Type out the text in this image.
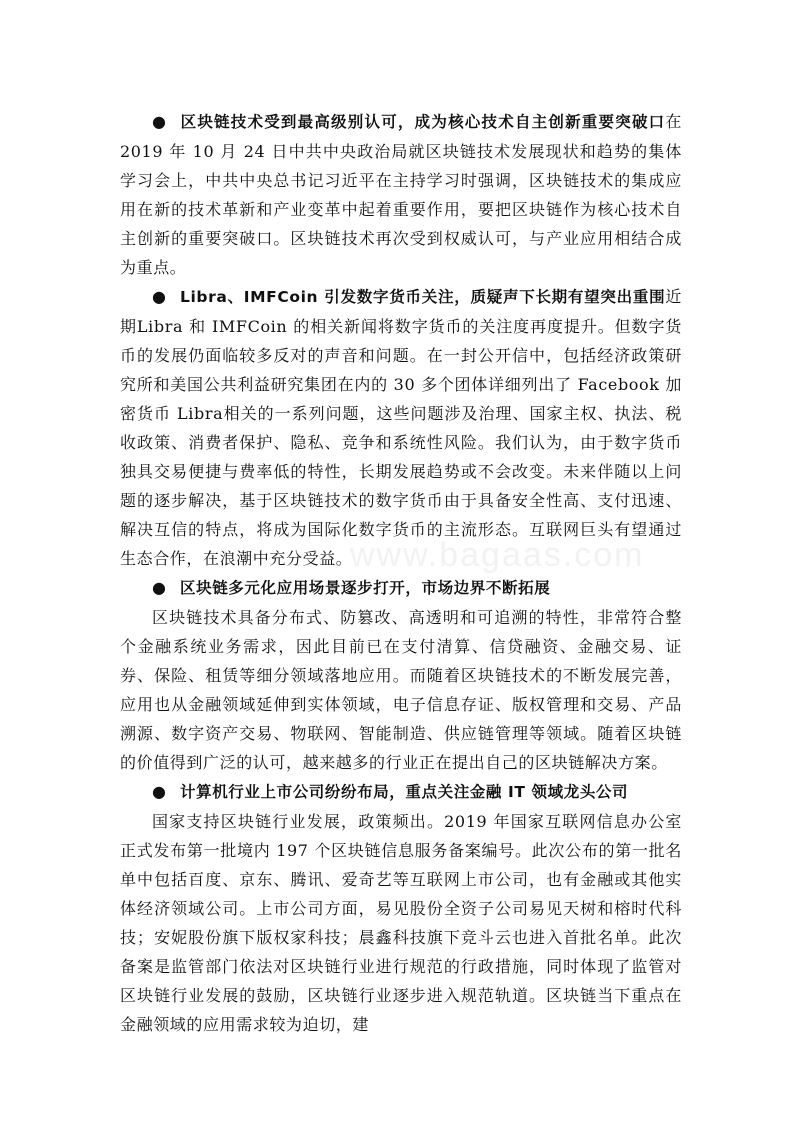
www.bagaas.com

● 区块链技术受到最高级别认可，成为核心技术自主创新重要突破口在2019 年 10 月 24 日中共中央政治局就区块链技术发展现状和趋势的集体学习会上，中共中央总书记习近平在主持学习时强调，区块链技术的集成应用在新的技术革新和产业变革中起着重要作用，要把区块链作为核心技术自主创新的重要突破口。区块链技术再次受到权威认可，与产业应用相结合成为重点。

● Libra、IMFCoin 引发数字货币关注，质疑声下长期有望突出重围近期Libra 和 IMFCoin 的相关新闻将数字货币的关注度再度提升。但数字货币的发展仍面临较多反对的声音和问题。在一封公开信中，包括经济政策研究所和美国公共利益研究集团在内的 30 多个团体详细列出了 Facebook 加密货币 Libra相关的一系列问题，这些问题涉及治理、国家主权、执法、税收政策、消费者保护、隐私、竞争和系统性风险。我们认为，由于数字货币独具交易便捷与费率低的特性，长期发展趋势或不会改变。未来伴随以上问题的逐步解决，基于区块链技术的数字货币由于具备安全性高、支付迅速、解决互信的特点，将成为国际化数字货币的主流形态。互联网巨头有望通过生态合作，在浪潮中充分受益。

● 区块链多元化应用场景逐步打开，市场边界不断拓展

区块链技术具备分布式、防篡改、高透明和可追溯的特性，非常符合整个金融系统业务需求，因此目前已在支付清算、信贷融资、金融交易、证券、保险、租赁等细分领域落地应用。而随着区块链技术的不断发展完善，应用也从金融领域延伸到实体领域，电子信息存证、版权管理和交易、产品溯源、数字资产交易、物联网、智能制造、供应链管理等领域。随着区块链的价值得到广泛的认可，越来越多的行业正在提出自己的区块链解决方案。

● 计算机行业上市公司纷纷布局，重点关注金融 IT 领域龙头公司

国家支持区块链行业发展，政策频出。2019 年国家互联网信息办公室正式发布第一批境内 197 个区块链信息服务备案编号。此次公布的第一批名单中包括百度、京东、腾讯、爱奇艺等互联网上市公司，也有金融或其他实体经济领域公司。上市公司方面，易见股份全资子公司易见天树和榕时代科技；安妮股份旗下版权家科技；晨鑫科技旗下竞斗云也进入首批名单。此次备案是监管部门依法对区块链行业进行规范的行政措施，同时体现了监管对区块链行业发展的鼓励，区块链行业逐步进入规范轨道。区块链当下重点在金融领域的应用需求较为迫切，建
